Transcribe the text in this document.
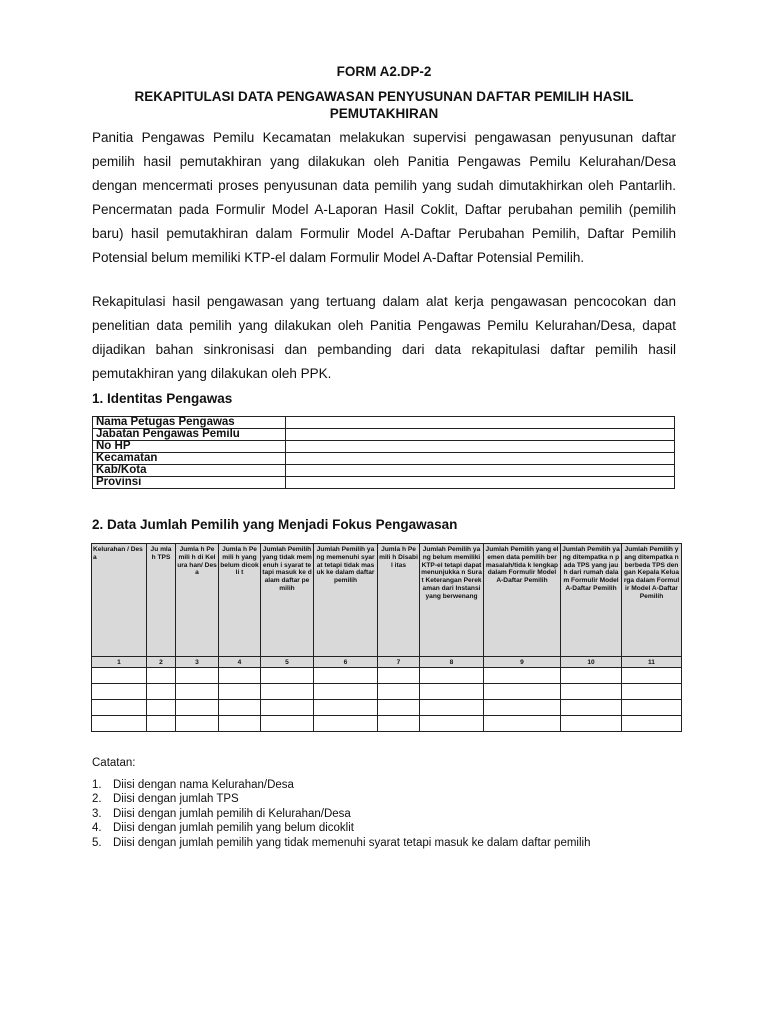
FORM A2.DP-2
REKAPITULASI DATA PENGAWASAN PENYUSUNAN DAFTAR PEMILIH HASIL PEMUTAKHIRAN
Panitia Pengawas Pemilu Kecamatan melakukan supervisi pengawasan penyusunan daftar pemilih hasil pemutakhiran yang dilakukan oleh Panitia Pengawas Pemilu Kelurahan/Desa dengan mencermati proses penyusunan data pemilih yang sudah dimutakhirkan oleh Pantarlih. Pencermatan pada Formulir Model A-Laporan Hasil Coklit, Daftar perubahan pemilih (pemilih baru) hasil pemutakhiran dalam Formulir Model A-Daftar Perubahan Pemilih, Daftar Pemilih Potensial belum memiliki KTP-el dalam Formulir Model A-Daftar Potensial Pemilih.
Rekapitulasi hasil pengawasan yang tertuang dalam alat kerja pengawasan pencocokan dan penelitian data pemilih yang dilakukan oleh Panitia Pengawas Pemilu Kelurahan/Desa, dapat dijadikan bahan sinkronisasi dan pembanding dari data rekapitulasi daftar pemilih hasil pemutakhiran yang dilakukan oleh PPK.
1. Identitas Pengawas
Nama Petugas Pengawas	
Jabatan Pengawas Pemilu	
No HP	
Kecamatan	
Kab/Kota	
Provinsi	
2. Data Jumlah Pemilih yang Menjadi Fokus Pengawasan
Kelurahan / Desa	Ju mla h TPS	Jumla h Pemili h di Kelura han/ Desa	Jumla h Pemili h yang belum dicokli t	Jumlah Pemilih yang tidak memenuh i syarat tetapi masuk ke dalam daftar pemilih	Jumlah Pemilih yang memenuhi syarat tetapi tidak masuk ke dalam daftar pemilih	Jumla h Pemili h Disabil itas	Jumlah Pemilih yang belum memiliki KTP-el tetapi dapat menunjukka n Surat Keterangan Perekaman dari Instansi yang berwenang	Jumlah Pemilih yang elemen data pemilih bermasalah/tida k lengkap dalam Formulir Model A-Daftar Pemilih	Jumlah Pemilih yang ditempatka n pada TPS yang jauh dari rumah dalam Formulir Model A-Daftar Pemilih	Jumlah Pemilih yang ditempatka n berbeda TPS dengan Kepala Keluarga dalam Formulir Model A-Daftar Pemilih
1	2	3	4	5	6	7	8	9	10	11

Catatan:
1. Diisi dengan nama Kelurahan/Desa
2. Diisi dengan jumlah TPS
3. Diisi dengan jumlah pemilih di Kelurahan/Desa
4. Diisi dengan jumlah pemilih yang belum dicoklit
5. Diisi dengan jumlah pemilih yang tidak memenuhi syarat tetapi masuk ke dalam daftar pemilih
